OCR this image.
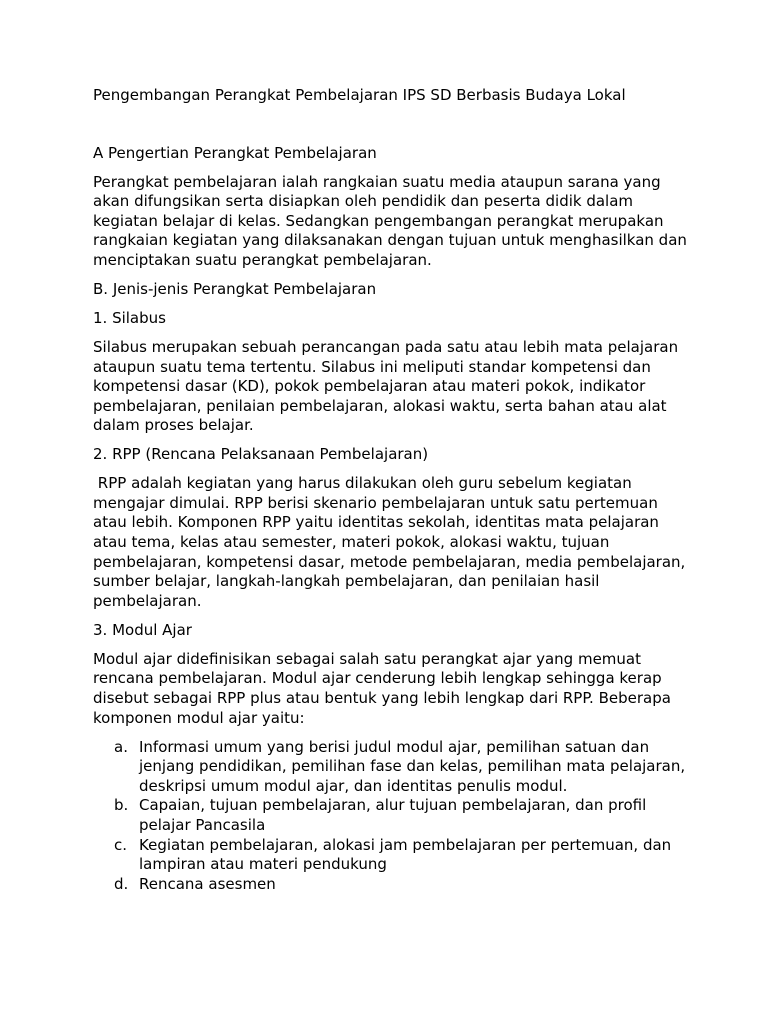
Pengembangan Perangkat Pembelajaran IPS SD Berbasis Budaya Lokal

A Pengertian Perangkat Pembelajaran

Perangkat pembelajaran ialah rangkaian suatu media ataupun sarana yang akan difungsikan serta disiapkan oleh pendidik dan peserta didik dalam kegiatan belajar di kelas. Sedangkan pengembangan perangkat merupakan rangkaian kegiatan yang dilaksanakan dengan tujuan untuk menghasilkan dan menciptakan suatu perangkat pembelajaran.

B. Jenis-jenis Perangkat Pembelajaran

1. Silabus

Silabus merupakan sebuah perancangan pada satu atau lebih mata pelajaran ataupun suatu tema tertentu. Silabus ini meliputi standar kompetensi dan kompetensi dasar (KD), pokok pembelajaran atau materi pokok, indikator pembelajaran, penilaian pembelajaran, alokasi waktu, serta bahan atau alat dalam proses belajar.

2. RPP (Rencana Pelaksanaan Pembelajaran)

RPP adalah kegiatan yang harus dilakukan oleh guru sebelum kegiatan mengajar dimulai. RPP berisi skenario pembelajaran untuk satu pertemuan atau lebih. Komponen RPP yaitu identitas sekolah, identitas mata pelajaran atau tema, kelas atau semester, materi pokok, alokasi waktu, tujuan pembelajaran, kompetensi dasar, metode pembelajaran, media pembelajaran, sumber belajar, langkah-langkah pembelajaran, dan penilaian hasil pembelajaran.

3. Modul Ajar

Modul ajar didefinisikan sebagai salah satu perangkat ajar yang memuat rencana pembelajaran. Modul ajar cenderung lebih lengkap sehingga kerap disebut sebagai RPP plus atau bentuk yang lebih lengkap dari RPP. Beberapa komponen modul ajar yaitu:

a. Informasi umum yang berisi judul modul ajar, pemilihan satuan dan jenjang pendidikan, pemilihan fase dan kelas, pemilihan mata pelajaran, deskripsi umum modul ajar, dan identitas penulis modul.
b. Capaian, tujuan pembelajaran, alur tujuan pembelajaran, dan profil pelajar Pancasila
c. Kegiatan pembelajaran, alokasi jam pembelajaran per pertemuan, dan lampiran atau materi pendukung
d. Rencana asesmen
